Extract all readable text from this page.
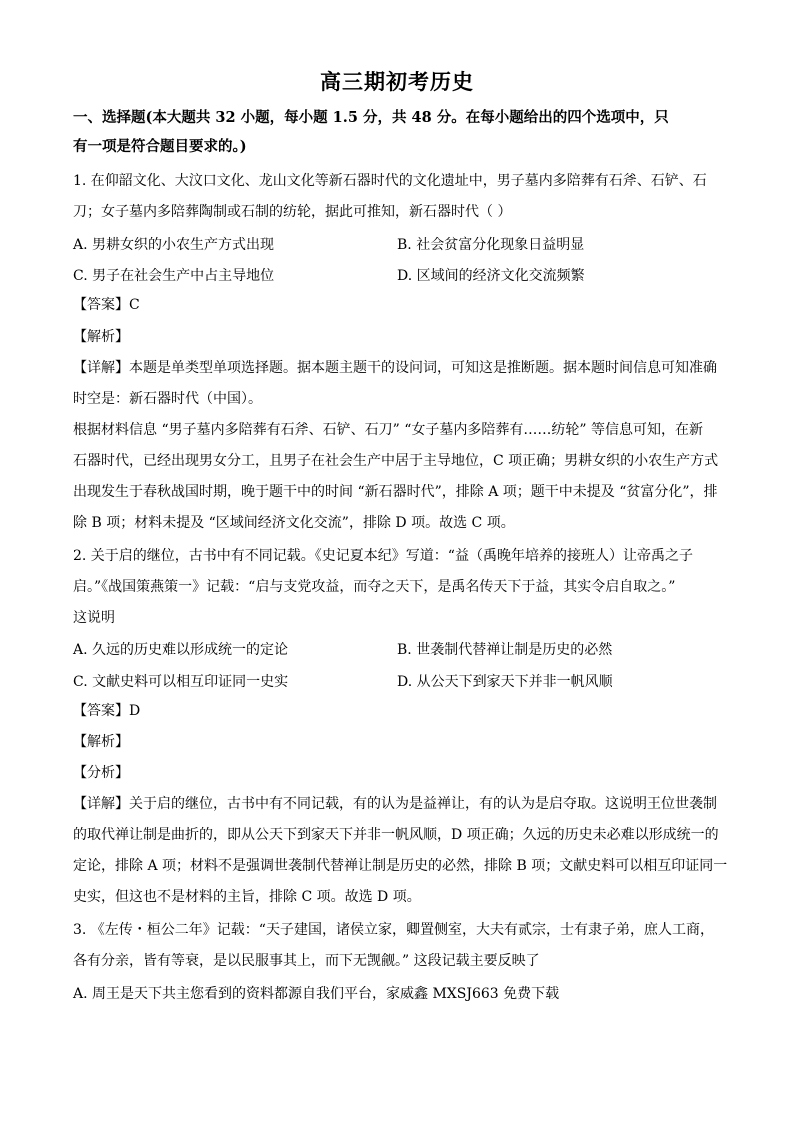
高三期初考历史
一、选择题(本大题共 32 小题，每小题 1.5 分，共 48 分。在每小题给出的四个选项中，只
有一项是符合题目要求的。)
1. 在仰韶文化、大汶口文化、龙山文化等新石器时代的文化遗址中，男子墓内多陪葬有石斧、石铲、石
刀；女子墓内多陪葬陶制或石制的纺轮，据此可推知，新石器时代（ ）
A. 男耕女织的小农生产方式出现	B. 社会贫富分化现象日益明显
C. 男子在社会生产中占主导地位	D. 区域间的经济文化交流频繁
【答案】C
【解析】
【详解】本题是单类型单项选择题。据本题主题干的设问词，可知这是推断题。据本题时间信息可知准确
时空是：新石器时代（中国）。
根据材料信息 “男子墓内多陪葬有石斧、石铲、石刀” “女子墓内多陪葬有……纺轮” 等信息可知，在新
石器时代，已经出现男女分工，且男子在社会生产中居于主导地位，C 项正确；男耕女织的小农生产方式
出现发生于春秋战国时期，晚于题干中的时间 “新石器时代”，排除 A 项；题干中未提及 “贫富分化”，排
除 B 项；材料未提及 “区域间经济文化交流”，排除 D 项。故选 C 项。
2. 关于启的继位，古书中有不同记载。《史记夏本纪》写道：“益（禹晚年培养的接班人）让帝禹之子
启。”《战国策燕策一》记载：“启与支党攻益，而夺之天下，是禹名传天下于益，其实令启自取之。”
这说明
A. 久远的历史难以形成统一的定论	B. 世袭制代替禅让制是历史的必然
C. 文献史料可以相互印证同一史实	D. 从公天下到家天下并非一帆风顺
【答案】D
【解析】
【分析】
【详解】关于启的继位，古书中有不同记载，有的认为是益禅让，有的认为是启夺取。这说明王位世袭制
的取代禅让制是曲折的，即从公天下到家天下并非一帆风顺，D 项正确；久远的历史未必难以形成统一的
定论，排除 A 项；材料不是强调世袭制代替禅让制是历史的必然，排除 B 项；文献史料可以相互印证同一
史实，但这也不是材料的主旨，排除 C 项。故选 D 项。
3. 《左传・桓公二年》记载：“天子建国，诸侯立家，卿置侧室，大夫有贰宗，士有隶子弟，庶人工商，
各有分亲，皆有等衰，是以民服事其上，而下无觊觎。” 这段记载主要反映了
A. 周王是天下共主您看到的资料都源自我们平台，家威鑫 MXSJ663 免费下载
